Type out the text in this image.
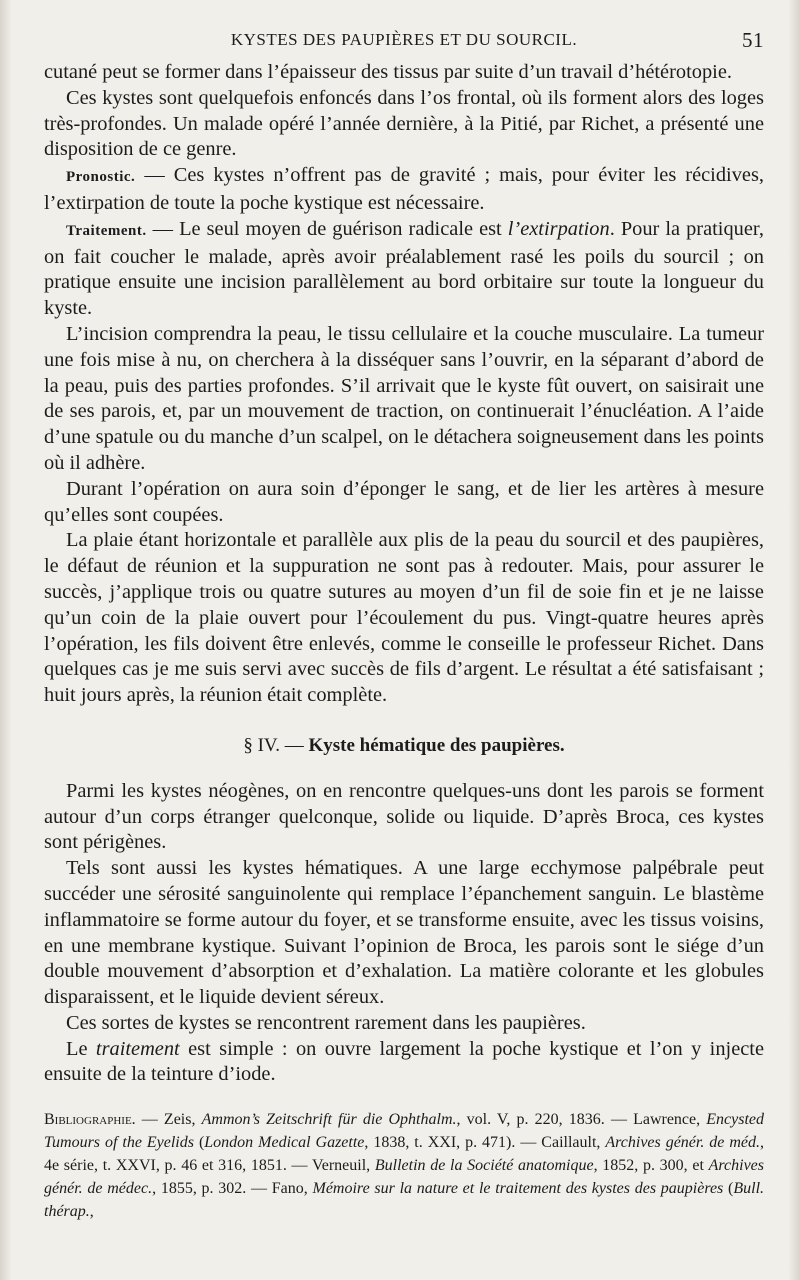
KYSTES DES PAUPIÈRES ET DU SOURCIL.	51

cutané peut se former dans l’épaisseur des tissus par suite d’un travail d’hétérotopie.

Ces kystes sont quelquefois enfoncés dans l’os frontal, où ils forment alors des loges très-profondes. Un malade opéré l’année dernière, à la Pitié, par Richet, a présenté une disposition de ce genre.

Pronostic. — Ces kystes n’offrent pas de gravité ; mais, pour éviter les récidives, l’extirpation de toute la poche kystique est nécessaire.

Traitement. — Le seul moyen de guérison radicale est l’extirpation. Pour la pratiquer, on fait coucher le malade, après avoir préalablement rasé les poils du sourcil ; on pratique ensuite une incision parallèlement au bord orbitaire sur toute la longueur du kyste.

L’incision comprendra la peau, le tissu cellulaire et la couche musculaire. La tumeur une fois mise à nu, on cherchera à la disséquer sans l’ouvrir, en la séparant d’abord de la peau, puis des parties profondes. S’il arrivait que le kyste fût ouvert, on saisirait une de ses parois, et, par un mouvement de traction, on continuerait l’énucléation. A l’aide d’une spatule ou du manche d’un scalpel, on le détachera soigneusement dans les points où il adhère.

Durant l’opération on aura soin d’éponger le sang, et de lier les artères à mesure qu’elles sont coupées.

La plaie étant horizontale et parallèle aux plis de la peau du sourcil et des paupières, le défaut de réunion et la suppuration ne sont pas à redouter. Mais, pour assurer le succès, j’applique trois ou quatre sutures au moyen d’un fil de soie fin et je ne laisse qu’un coin de la plaie ouvert pour l’écoulement du pus. Vingt-quatre heures après l’opération, les fils doivent être enlevés, comme le conseille le professeur Richet. Dans quelques cas je me suis servi avec succès de fils d’argent. Le résultat a été satisfaisant ; huit jours après, la réunion était complète.

§ IV. — Kyste hématique des paupières.

Parmi les kystes néogènes, on en rencontre quelques-uns dont les parois se forment autour d’un corps étranger quelconque, solide ou liquide. D’après Broca, ces kystes sont périgènes.

Tels sont aussi les kystes hématiques. A une large ecchymose palpébrale peut succéder une sérosité sanguinolente qui remplace l’épanchement sanguin. Le blastème inflammatoire se forme autour du foyer, et se transforme ensuite, avec les tissus voisins, en une membrane kystique. Suivant l’opinion de Broca, les parois sont le siége d’un double mouvement d’absorption et d’exhalation. La matière colorante et les globules disparaissent, et le liquide devient séreux.

Ces sortes de kystes se rencontrent rarement dans les paupières.

Le traitement est simple : on ouvre largement la poche kystique et l’on y injecte ensuite de la teinture d’iode.

Bibliographie. — Zeis, Ammon’s Zeitschrift für die Ophthalm., vol. V, p. 220, 1836. — Lawrence, Encysted Tumours of the Eyelids (London Medical Gazette, 1838, t. XXI, p. 471). — Caillault, Archives génér. de méd., 4e série, t. XXVI, p. 46 et 316, 1851. — Verneuil, Bulletin de la Société anatomique, 1852, p. 300, et Archives génér. de médec., 1855, p. 302. — Fano, Mémoire sur la nature et le traitement des kystes des paupières (Bull. thérap.,
